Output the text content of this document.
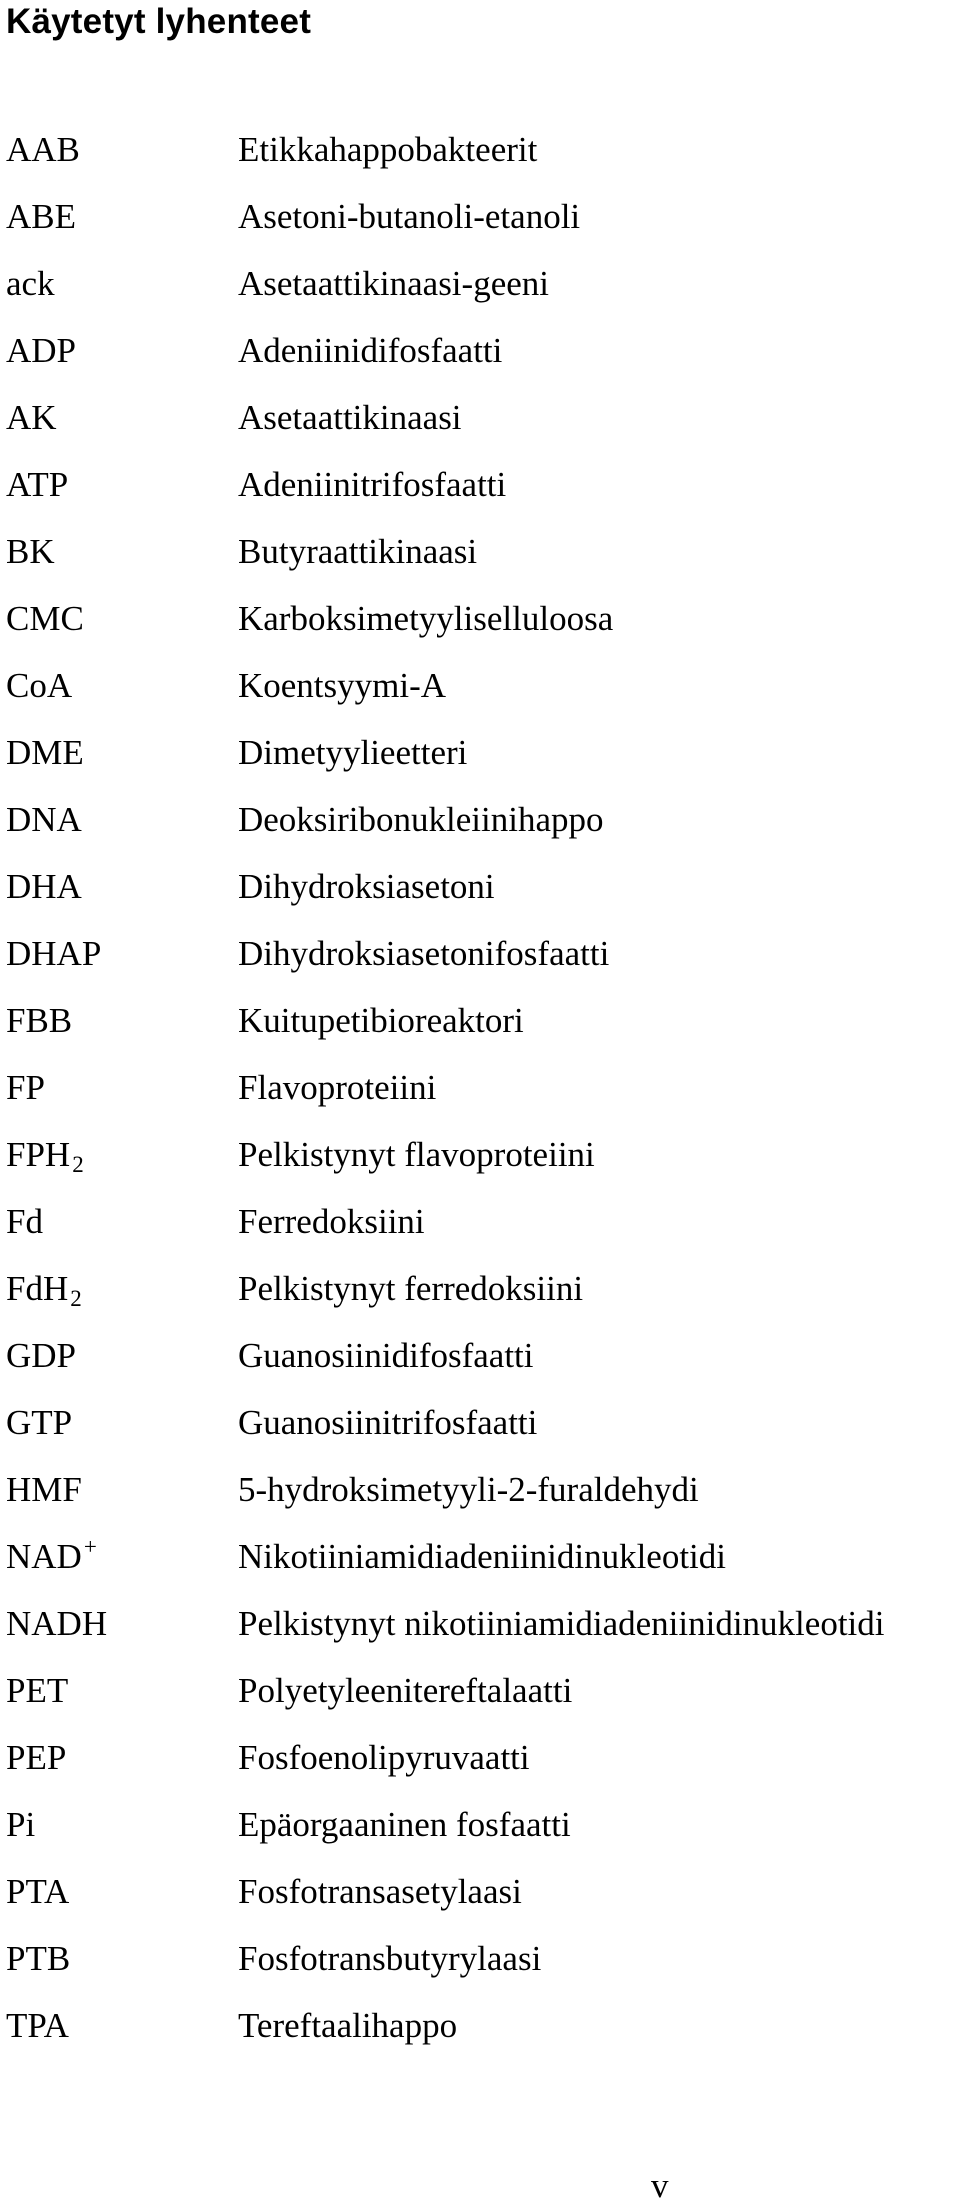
Käytetyt lyhenteet
AAB	Etikkahappobakteerit
ABE	Asetoni-butanoli-etanoli
ack	Asetaattikinaasi-geeni
ADP	Adeniinidifosfaatti
AK	Asetaattikinaasi
ATP	Adeniinitrifosfaatti
BK	Butyraattikinaasi
CMC	Karboksimetyyliselluloosa
CoA	Koentsyymi-A
DME	Dimetyylieetteri
DNA	Deoksiribonukleiinihappo
DHA	Dihydroksiasetoni
DHAP	Dihydroksiasetonifosfaatti
FBB	Kuitupetibioreaktori
FP	Flavoproteiini
FPH2	Pelkistynyt flavoproteiini
Fd	Ferredoksiini
FdH2	Pelkistynyt ferredoksiini
GDP	Guanosiinidifosfaatti
GTP	Guanosiinitrifosfaatti
HMF	5-hydroksimetyyli-2-furaldehydi
NAD+	Nikotiiniamidiadeniinidinukleotidi
NADH	Pelkistynyt nikotiiniamidiadeniinidinukleotidi
PET	Polyetyleenitereftalaatti
PEP	Fosfoenolipyruvaatti
Pi	Epäorgaaninen fosfaatti
PTA	Fosfotransasetylaasi
PTB	Fosfotransbutyrylaasi
TPA	Tereftaalihappo
v
